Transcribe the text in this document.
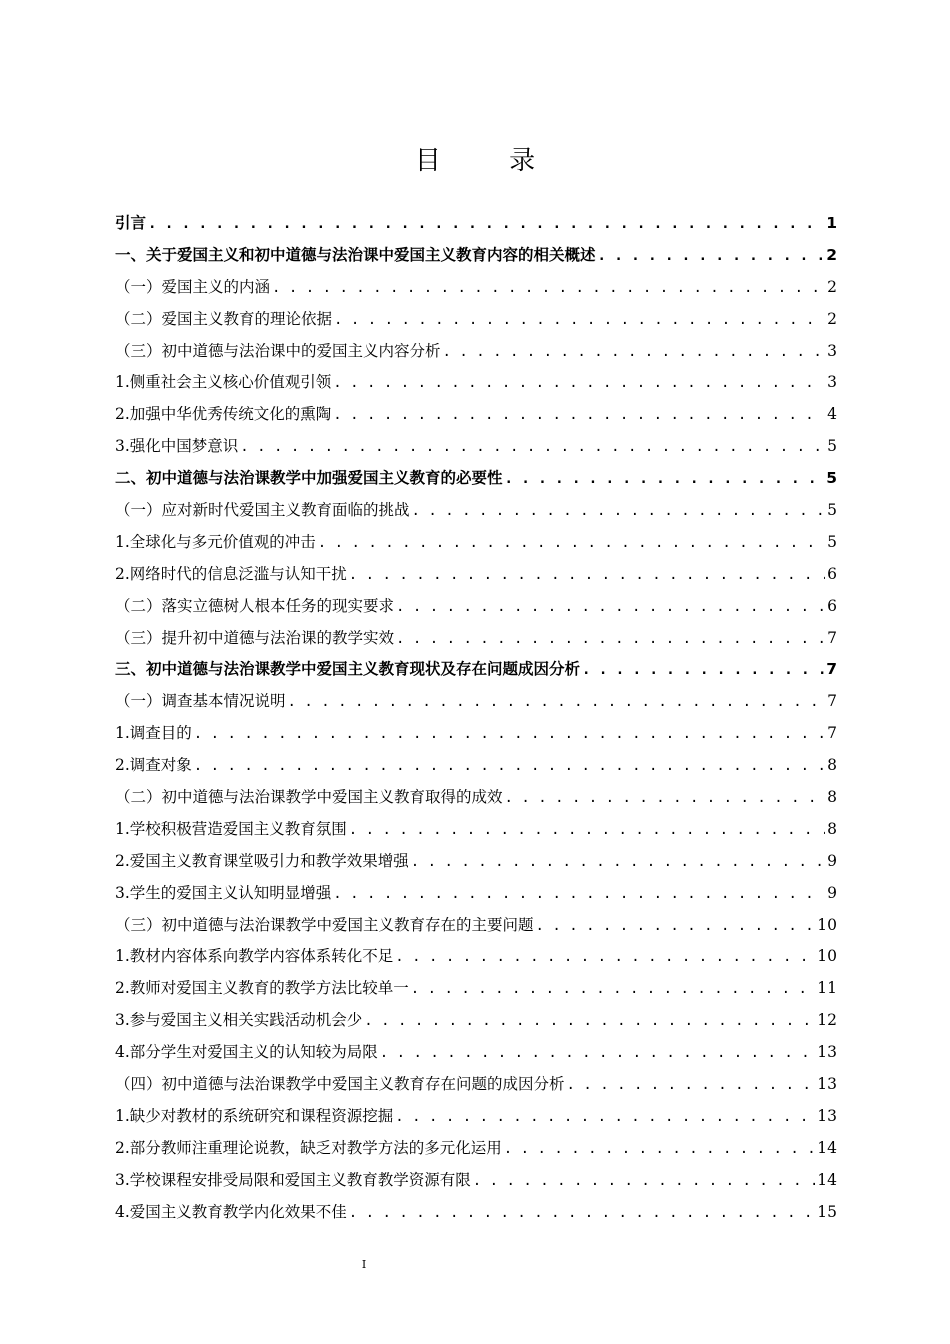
目 录
引言 . . .	1
一、关于爱国主义和初中道德与法治课中爱国主义教育内容的相关概述 . . .	2
（一）爱国主义的内涵 . . .	2
（二）爱国主义教育的理论依据 . . .	2
（三）初中道德与法治课中的爱国主义内容分析 . . .	3
1.侧重社会主义核心价值观引领 . . .	3
2.加强中华优秀传统文化的熏陶 . . .	4
3.强化中国梦意识 . . .	5
二、初中道德与法治课教学中加强爱国主义教育的必要性 . . .	5
（一）应对新时代爱国主义教育面临的挑战 . . .	5
1.全球化与多元价值观的冲击 . . .	5
2.网络时代的信息泛滥与认知干扰 . . .	6
（二）落实立德树人根本任务的现实要求 . . .	6
（三）提升初中道德与法治课的教学实效 . . .	7
三、初中道德与法治课教学中爱国主义教育现状及存在问题成因分析 . . .	7
（一）调查基本情况说明 . . .	7
1.调查目的 . . .	7
2.调查对象 . . .	8
（二）初中道德与法治课教学中爱国主义教育取得的成效 . . .	8
1.学校积极营造爱国主义教育氛围 . . .	8
2.爱国主义教育课堂吸引力和教学效果增强 . . .	9
3.学生的爱国主义认知明显增强 . . .	9
（三）初中道德与法治课教学中爱国主义教育存在的主要问题 . . .	10
1.教材内容体系向教学内容体系转化不足 . . .	10
2.教师对爱国主义教育的教学方法比较单一 . . .	11
3.参与爱国主义相关实践活动机会少 . . .	12
4.部分学生对爱国主义的认知较为局限 . . .	13
（四）初中道德与法治课教学中爱国主义教育存在问题的成因分析 . . .	13
1.缺少对教材的系统研究和课程资源挖掘 . . .	13
2.部分教师注重理论说教，缺乏对教学方法的多元化运用 . . .	14
3.学校课程安排受局限和爱国主义教育教学资源有限 . . .	14
4.爱国主义教育教学内化效果不佳 . . .	15
I
